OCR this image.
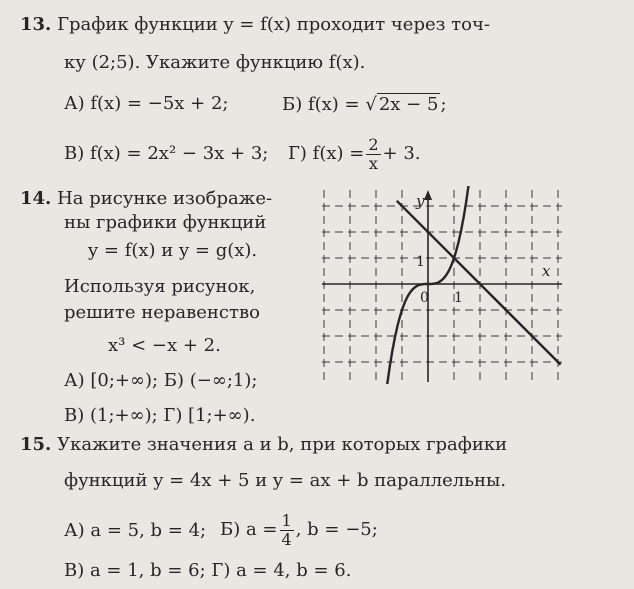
13. График функции y = f(x) проходит через точ-
ку (2;5). Укажите функцию f(x).
А) f(x) = −5x + 2;	Б) f(x) = √ 2x − 5 ;
В) f(x) = 2x² − 3x + 3; Г) $f(x) = \frac{2}{x} + 3$.
14. На рисунке изображе-
ны графики функций
y = f(x) и y = g(x).
Используя рисунок,
решите неравенство
x³ < −x + 2.
А) [0;+∞); Б) (−∞;1);
В) (1;+∞); Г) [1;+∞).
y
x
0 1
1
15. Укажите значения a и b, при которых графики
функций y = 4x + 5 и y = ax + b параллельны.
А) a = 5, b = 4; Б) $a = \frac{1}{4}$ , b = −5;
В) a = 1, b = 6; Г) a = 4, b = 6.
